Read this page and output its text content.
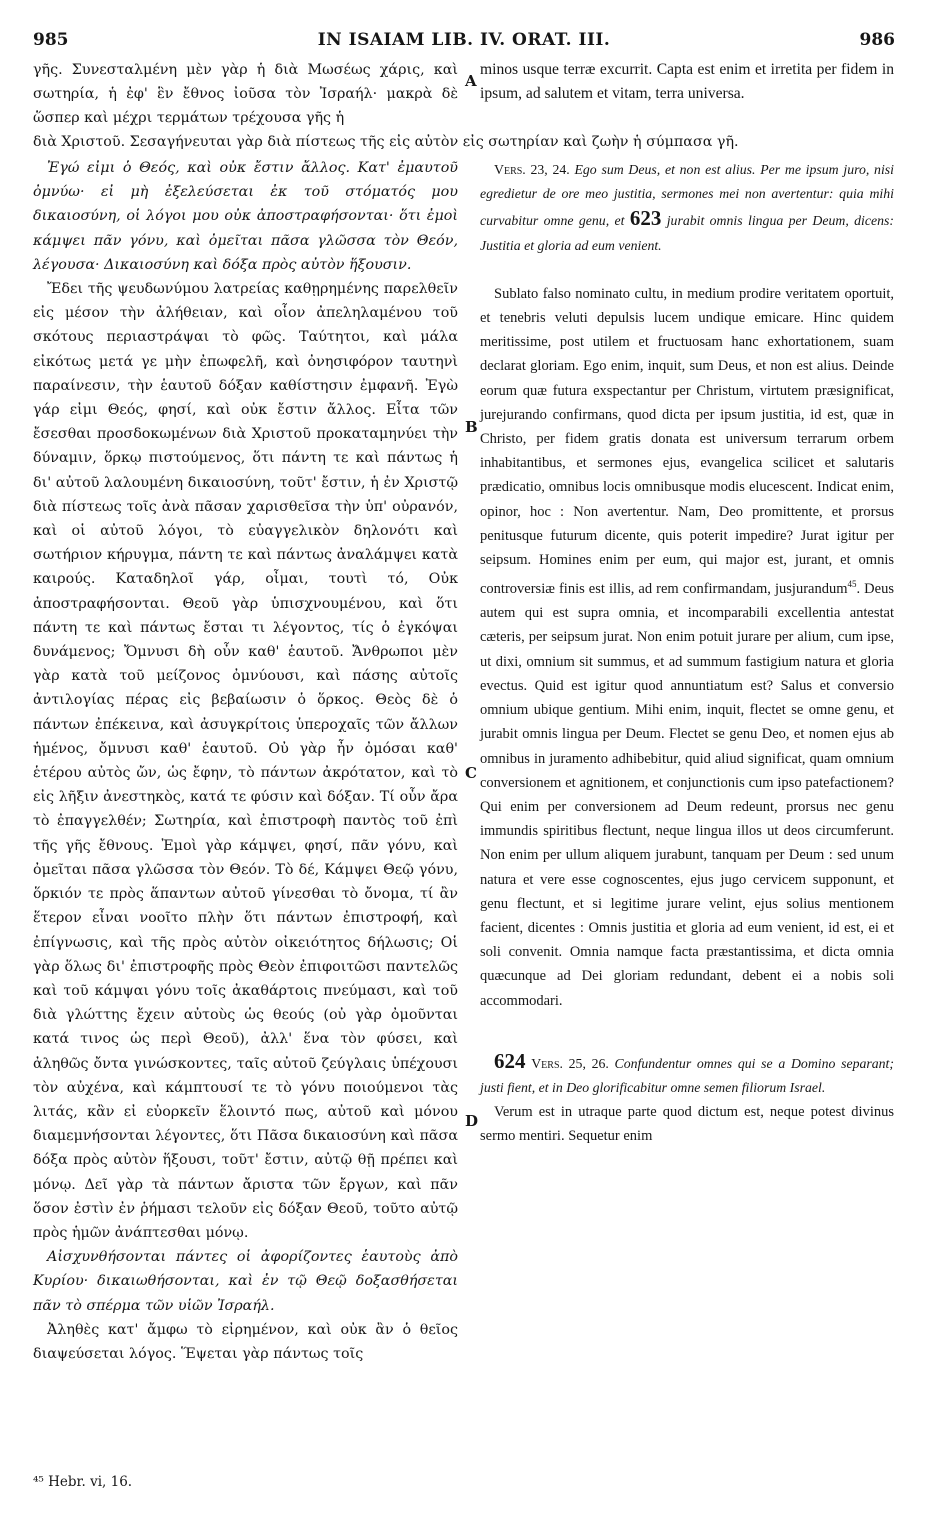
985	IN ISAIAM LIB. IV. ORAT. III.	986
A
B
C
D

γῆς. Συνεσταλμένη μὲν γὰρ ἡ διὰ Μωσέως χάρις, καὶ σωτηρία, ἡ ἐφ' ἓν ἔθνος ἰοῦσα τὸν Ἰσραήλ· μακρὰ δὲ ὥσπερ καὶ μέχρι τερμάτων τρέχουσα γῆς ἡ

minos usque terræ excurrit. Capta est enim et irretita per fidem in ipsum, ad salutem et vitam, terra universa.

διὰ Χριστοῦ. Σεσαγήνευται γὰρ διὰ πίστεως τῆς εἰς αὐτὸν εἰς σωτηρίαν καὶ ζωὴν ἡ σύμπασα γῆ.

Ἐγώ εἰμι ὁ Θεός, καὶ οὐκ ἔστιν ἄλλος. Κατ' ἐμαυτοῦ ὀμνύω· εἰ μὴ ἐξελεύσεται ἐκ τοῦ στόματός μου δικαιοσύνη, οἱ λόγοι μου οὐκ ἀποστραφήσονται· ὅτι ἐμοὶ κάμψει πᾶν γόνυ, καὶ ὀμεῖται πᾶσα γλῶσσα τὸν Θεόν, λέγουσα· Δικαιοσύνη καὶ δόξα πρὸς αὐτὸν ἥξουσιν.

Ἔδει τῆς ψευδωνύμου λατρείας καθῃρημένης παρελθεῖν εἰς μέσον τὴν ἀλήθειαν, καὶ οἷον ἀπεληλαμένου τοῦ σκότους περιαστράψαι τὸ φῶς. Ταύτητοι, καὶ μάλα εἰκότως μετά γε μὴν ἐπωφελῆ, καὶ ὀνησιφόρον ταυτηνὶ παραίνεσιν, τὴν ἑαυτοῦ δόξαν καθίστησιν ἐμφανῆ. Ἐγὼ γάρ εἰμι Θεός, φησί, καὶ οὐκ ἔστιν ἄλλος. Εἶτα τῶν ἔσεσθαι προσδοκωμένων διὰ Χριστοῦ προκαταμηνύει τὴν δύναμιν, ὅρκῳ πιστούμενος, ὅτι πάντη τε καὶ πάντως ἡ δι' αὐτοῦ λαλουμένη δικαιοσύνη, τοῦτ' ἔστιν, ἡ ἐν Χριστῷ διὰ πίστεως τοῖς ἀνὰ πᾶσαν χαρισθεῖσα τὴν ὑπ' οὐρανόν, καὶ οἱ αὐτοῦ λόγοι, τὸ εὐαγγελικὸν δηλονότι καὶ σωτήριον κήρυγμα, πάντη τε καὶ πάντως ἀναλάμψει κατὰ καιρούς. Καταδηλοῖ γάρ, οἶμαι, τουτὶ τό, Οὐκ ἀποστραφήσονται. Θεοῦ γὰρ ὑπισχνουμένου, καὶ ὅτι πάντη τε καὶ πάντως ἔσται τι λέγοντος, τίς ὁ ἐγκόψαι δυνάμενος; Ὄμνυσι δὴ οὖν καθ' ἑαυτοῦ. Ἄνθρωποι μὲν γὰρ κατὰ τοῦ μείζονος ὀμνύουσι, καὶ πάσης αὐτοῖς ἀντιλογίας πέρας εἰς βεβαίωσιν ὁ ὅρκος. Θεὸς δὲ ὁ πάντων ἐπέκεινα, καὶ ἀσυγκρίτοις ὑπεροχαῖς τῶν ἄλλων ἡμένος, ὄμνυσι καθ' ἑαυτοῦ. Οὐ γὰρ ἦν ὀμόσαι καθ' ἑτέρου αὐτὸς ὤν, ὡς ἔφην, τὸ πάντων ἀκρότατον, καὶ τὸ εἰς λῆξιν ἀνεστηκὸς, κατά τε φύσιν καὶ δόξαν. Τί οὖν ἄρα τὸ ἐπαγγελθέν; Σωτηρία, καὶ ἐπιστροφὴ παντὸς τοῦ ἐπὶ τῆς γῆς ἔθνους. Ἐμοὶ γὰρ κάμψει, φησί, πᾶν γόνυ, καὶ ὀμεῖται πᾶσα γλῶσσα τὸν Θεόν. Τὸ δέ, Κάμψει Θεῷ γόνυ, ὅρκιόν τε πρὸς ἅπαντων αὐτοῦ γίνεσθαι τὸ ὄνομα, τί ἂν ἕτερον εἶναι νοοῖτο πλὴν ὅτι πάντων ἐπιστροφή, καὶ ἐπίγνωσις, καὶ τῆς πρὸς αὐτὸν οἰκειότητος δήλωσις; Οἱ γὰρ ὅλως δι' ἐπιστροφῆς πρὸς Θεὸν ἐπιφοιτῶσι παντελῶς καὶ τοῦ κάμψαι γόνυ τοῖς ἀκαθάρτοις πνεύμασι, καὶ τοῦ διὰ γλώττης ἔχειν αὐτοὺς ὡς θεούς (οὐ γὰρ ὀμοῦνται κατά τινος ὡς περὶ Θεοῦ), ἀλλ' ἕνα τὸν φύσει, καὶ ἀληθῶς ὄντα γινώσκοντες, ταῖς αὐτοῦ ζεύγλαις ὑπέχουσι τὸν αὐχένα, καὶ κάμπτουσί τε τὸ γόνυ ποιούμενοι τὰς λιτάς, κἂν εἰ εὐορκεῖν ἕλοιντό πως, αὐτοῦ καὶ μόνου διαμεμνήσονται λέγοντες, ὅτι Πᾶσα δικαιοσύνη καὶ πᾶσα δόξα πρὸς αὐτὸν ἥξουσι, τοῦτ' ἔστιν, αὐτῷ θῇ πρέπει καὶ μόνῳ. Δεῖ γὰρ τὰ πάντων ἄριστα τῶν ἔργων, καὶ πᾶν ὅσον ἐστὶν ἐν ῥήμασι τελοῦν εἰς δόξαν Θεοῦ, τοῦτο αὐτῷ πρὸς ἡμῶν ἀνάπτεσθαι μόνῳ.

Αἰσχυνθήσονται πάντες οἱ ἀφορίζοντες ἑαυτοὺς ἀπὸ Κυρίου· δικαιωθήσονται, καὶ ἐν τῷ Θεῷ δοξασθήσεται πᾶν τὸ σπέρμα τῶν υἱῶν Ἰσραήλ.

Ἀληθὲς κατ' ἄμφω τὸ εἰρημένον, καὶ οὐκ ἂν ὁ θεῖος διαψεύσεται λόγος. Ἕψεται γὰρ πάντως τοῖς

Vers. 23, 24. Ego sum Deus, et non est alius. Per me ipsum juro, nisi egredietur de ore meo justitia, sermones mei non avertentur: quia mihi curvabitur omne genu, et 623 jurabit omnis lingua per Deum, dicens: Justitia et gloria ad eum venient.

Sublato falso nominato cultu, in medium prodire veritatem oportuit, et tenebris veluti depulsis lucem undique emicare. Hinc quidem meritissime, post utilem et fructuosam hanc exhortationem, suam declarat gloriam. Ego enim, inquit, sum Deus, et non est alius. Deinde eorum quæ futura exspectantur per Christum, virtutem præsignificat, jurejurando confirmans, quod dicta per ipsum justitia, id est, quæ in Christo, per fidem gratis donata est universum terrarum orbem inhabitantibus, et sermones ejus, evangelica scilicet et salutaris prædicatio, omnibus locis omnibusque modis elucescent. Indicat enim, opinor, hoc : Non avertentur. Nam, Deo promittente, et prorsus penitusque futurum dicente, quis poterit impedire? Jurat igitur per seipsum. Homines enim per eum, qui major est, jurant, et omnis controversiæ finis est illis, ad rem confirmandam, jusjurandum$^{45}$. Deus autem qui est supra omnia, et incomparabili excellentia antestat cæteris, per seipsum jurat. Non enim potuit jurare per alium, cum ipse, ut dixi, omnium sit summus, et ad summum fastigium natura et gloria evectus. Quid est igitur quod annuntiatum est? Salus et conversio omnium ubique gentium. Mihi enim, inquit, flectet se omne genu, et jurabit omnis lingua per Deum. Flectet se genu Deo, et nomen ejus ab omnibus in juramento adhibebitur, quid aliud significat, quam omnium conversionem et agnitionem, et conjunctionis cum ipso patefactionem? Qui enim per conversionem ad Deum redeunt, prorsus nec genu immundis spiritibus flectunt, neque lingua illos ut deos circumferunt. Non enim per ullum aliquem jurabunt, tanquam per Deum : sed unum natura et vere esse cognoscentes, ejus jugo cervicem supponunt, et genu flectunt, et si legitime jurare velint, ejus solius mentionem facient, dicentes : Omnis justitia et gloria ad eum venient, id est, ei et soli convenit. Omnia namque facta præstantissima, et dicta omnia quæcunque ad Dei gloriam redundant, debent ei a nobis soli accommodari.

624 Vers. 25, 26. Confundentur omnes qui se a Domino separant; justi fient, et in Deo glorificabitur omne semen filiorum Israel.

Verum est in utraque parte quod dictum est, neque potest divinus sermo mentiri. Sequetur enim

⁴⁵ Hebr. vi, 16.
